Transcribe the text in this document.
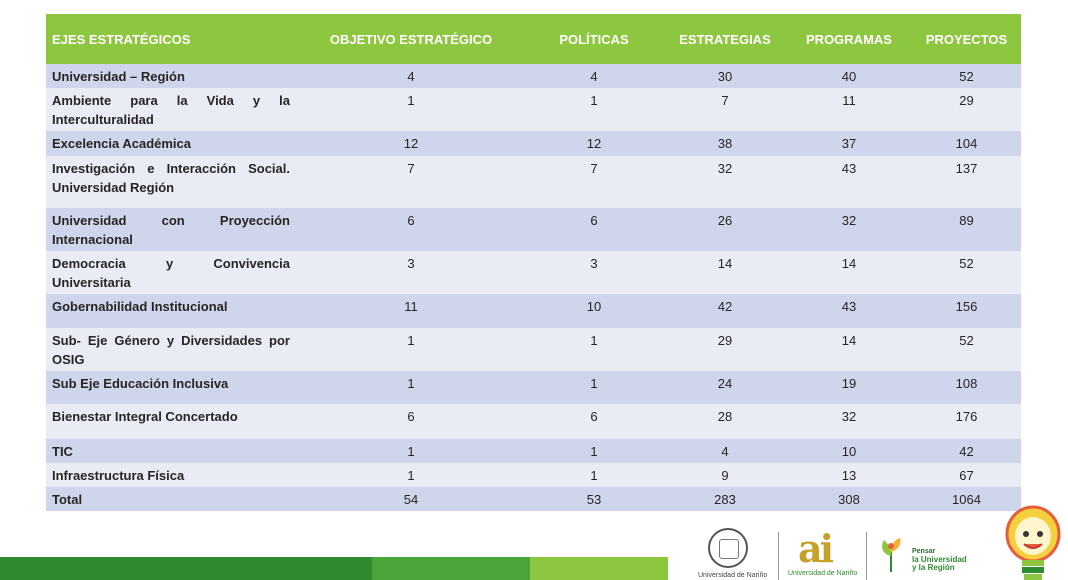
EJES ESTRATÉGICOS	OBJETIVO ESTRATÉGICO	POLÍTICAS	ESTRATEGIAS	PROGRAMAS	PROYECTOS
Universidad – Región	4	4	30	40	52
Ambiente para la Vida y la Interculturalidad	1	1	7	11	29
Excelencia Académica	12	12	38	37	104
Investigación e Interacción Social. Universidad Región	7	7	32	43	137
Universidad con Proyección Internacional	6	6	26	32	89
Democracia y Convivencia Universitaria	3	3	14	14	52
Gobernabilidad Institucional	11	10	42	43	156
Sub- Eje Género y Diversidades por OSIG	1	1	29	14	52
Sub Eje Educación Inclusiva	1	1	24	19	108
Bienestar Integral Concertado	6	6	28	32	176
TIC	1	1	4	10	42
Infraestructura Física	1	1	9	13	67
Total	54	53	283	308	1064
Universidad de Nariño
ai
Universidad de Nariño
Pensar
la Universidad
y la Región
